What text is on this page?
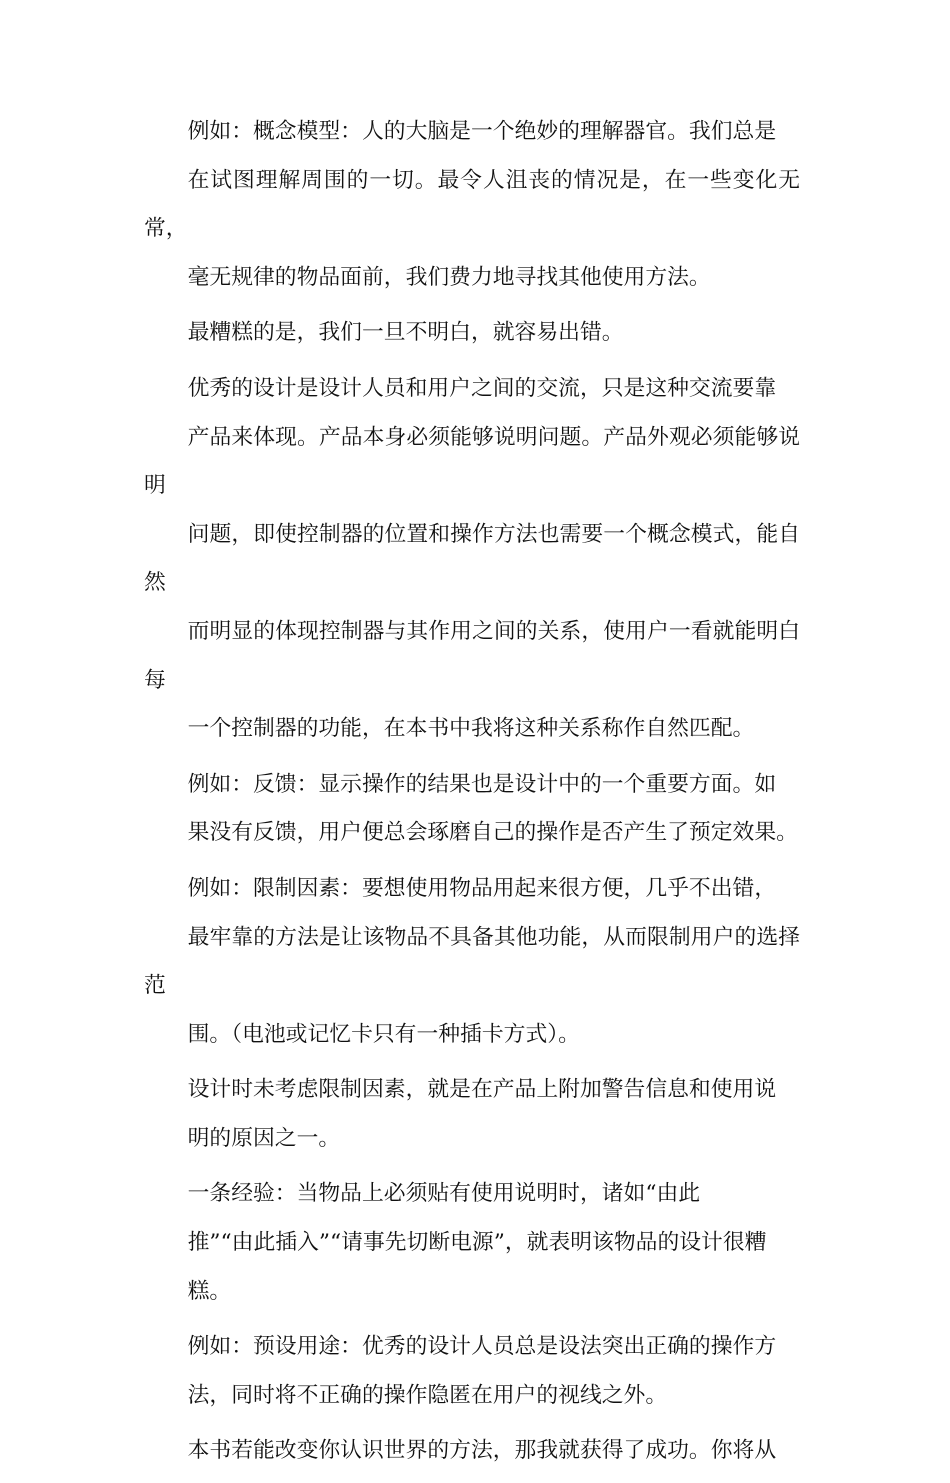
例如：概念模型：人的大脑是一个绝妙的理解器官。我们总是
在试图理解周围的一切。最令人沮丧的情况是，在一些变化无常，
毫无规律的物品面前，我们费力地寻找其他使用方法。

最糟糕的是，我们一旦不明白，就容易出错。

优秀的设计是设计人员和用户之间的交流，只是这种交流要靠
产品来体现。产品本身必须能够说明问题。产品外观必须能够说明
问题，即使控制器的位置和操作方法也需要一个概念模式，能自然
而明显的体现控制器与其作用之间的关系，使用户一看就能明白每
一个控制器的功能，在本书中我将这种关系称作自然匹配。

例如：反馈：显示操作的结果也是设计中的一个重要方面。如
果没有反馈，用户便总会琢磨自己的操作是否产生了预定效果。

例如：限制因素：要想使用物品用起来很方便，几乎不出错，
最牢靠的方法是让该物品不具备其他功能，从而限制用户的选择范
围。（电池或记忆卡只有一种插卡方式）。

设计时未考虑限制因素，就是在产品上附加警告信息和使用说
明的原因之一。

一条经验：当物品上必须贴有使用说明时，诸如“由此
推”“由此插入”“请事先切断电源”，就表明该物品的设计很糟
糕。

例如：预设用途：优秀的设计人员总是设法突出正确的操作方
法，同时将不正确的操作隐匿在用户的视线之外。

本书若能改变你认识世界的方法，那我就获得了成功。你将从
